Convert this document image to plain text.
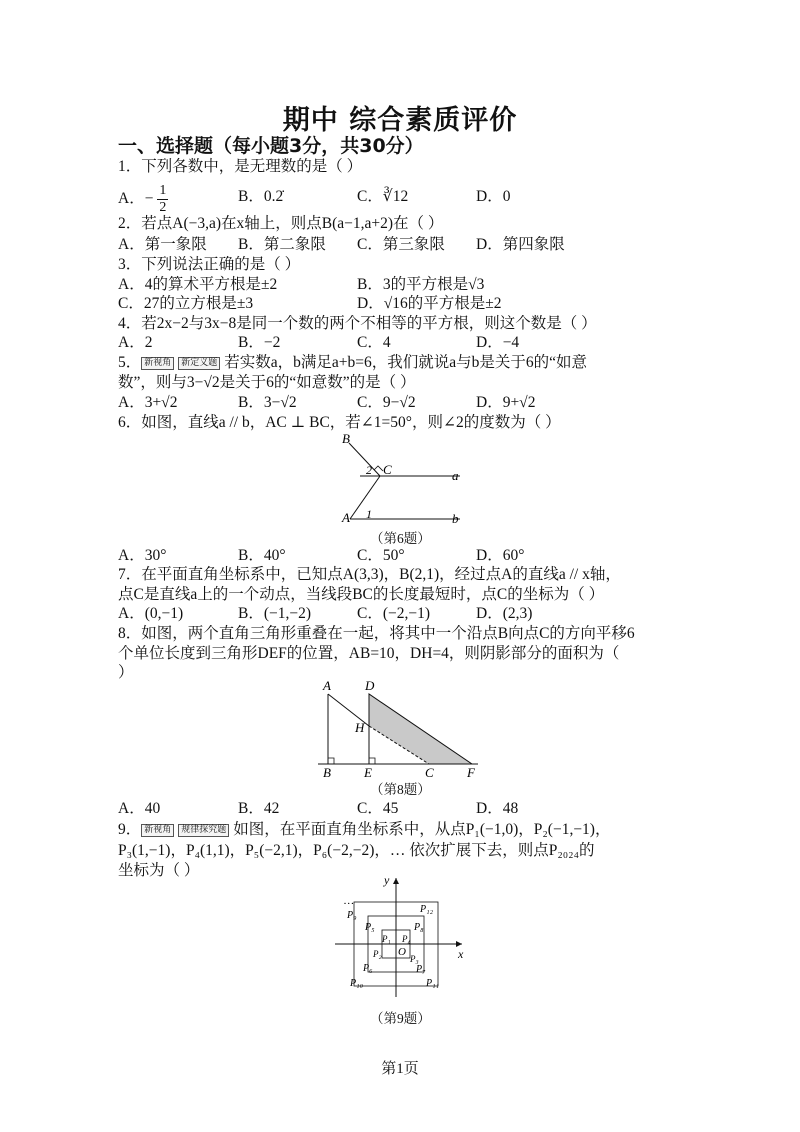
期中 综合素质评价
一、选择题（每小题3分，共30分）
1．下列各数中，是无理数的是（ ）
A．− $\frac{1}{2}$	B．0.2̇	C．∛12	D．0
2．若点A(−3,a)在x轴上，则点B(a−1,a+2)在（ ）
A．第一象限 B．第二象限 C．第三象限 D．第四象限
3．下列说法正确的是（ ）
A．4的算术平方根是±2	B．3的平方根是√3
C．27的立方根是±3	D．√16的平方根是±2
4．若2x−2与3x−8是同一个数的两个不相等的平方根，则这个数是（ ）
A．2	B．−2	C．4	D．−4
5． 新视角 新定义题 若实数a，b满足a+b=6，我们就说a与b是关于6的“如意
数”，则与3−√2是关于6的“如意数”的是（ ）
A．3+√2	B．3−√2	C．9−√2	D．9+√2
6．如图，直线a // b，AC ⊥ BC，若∠1=50°，则∠2的度数为（ ）
B
C
A
a
b
2
1
（第6题）
A．30°	B．40°	C．50°	D．60°
7．在平面直角坐标系中，已知点A(3,3)，B(2,1)，经过点A的直线a // x轴，
点C是直线a上的一个动点，当线段BC的长度最短时，点C的坐标为（ ）
A．(0,−1)	B．(−1,−2)	C．(−2,−1)	D．(2,3)
8．如图，两个直角三角形重叠在一起，将其中一个沿点B向点C的方向平移6
个单位长度到三角形DEF的位置，AB=10，DH=4，则阴影部分的面积为（
）
A	D
H
B	E	C	F
（第8题）
A．40	B．42	C．45	D．48
9． 新视角 规律探究题 如图，在平面直角坐标系中，从点P₁(−1,0)，P₂(−1,−1)，
P₃(1,−1)，P₄(1,1)，P₅(−2,1)，P₆(−2,−2)，… 依次扩展下去，则点P₂₀₂₄的
坐标为（ ）
x
y
O
…
P₉
P₁₂
P₅	P₈
P₁ P₄
P₂	P₃
P₆	P₇
P₁₀	P₁₁
（第9题）
第1页
